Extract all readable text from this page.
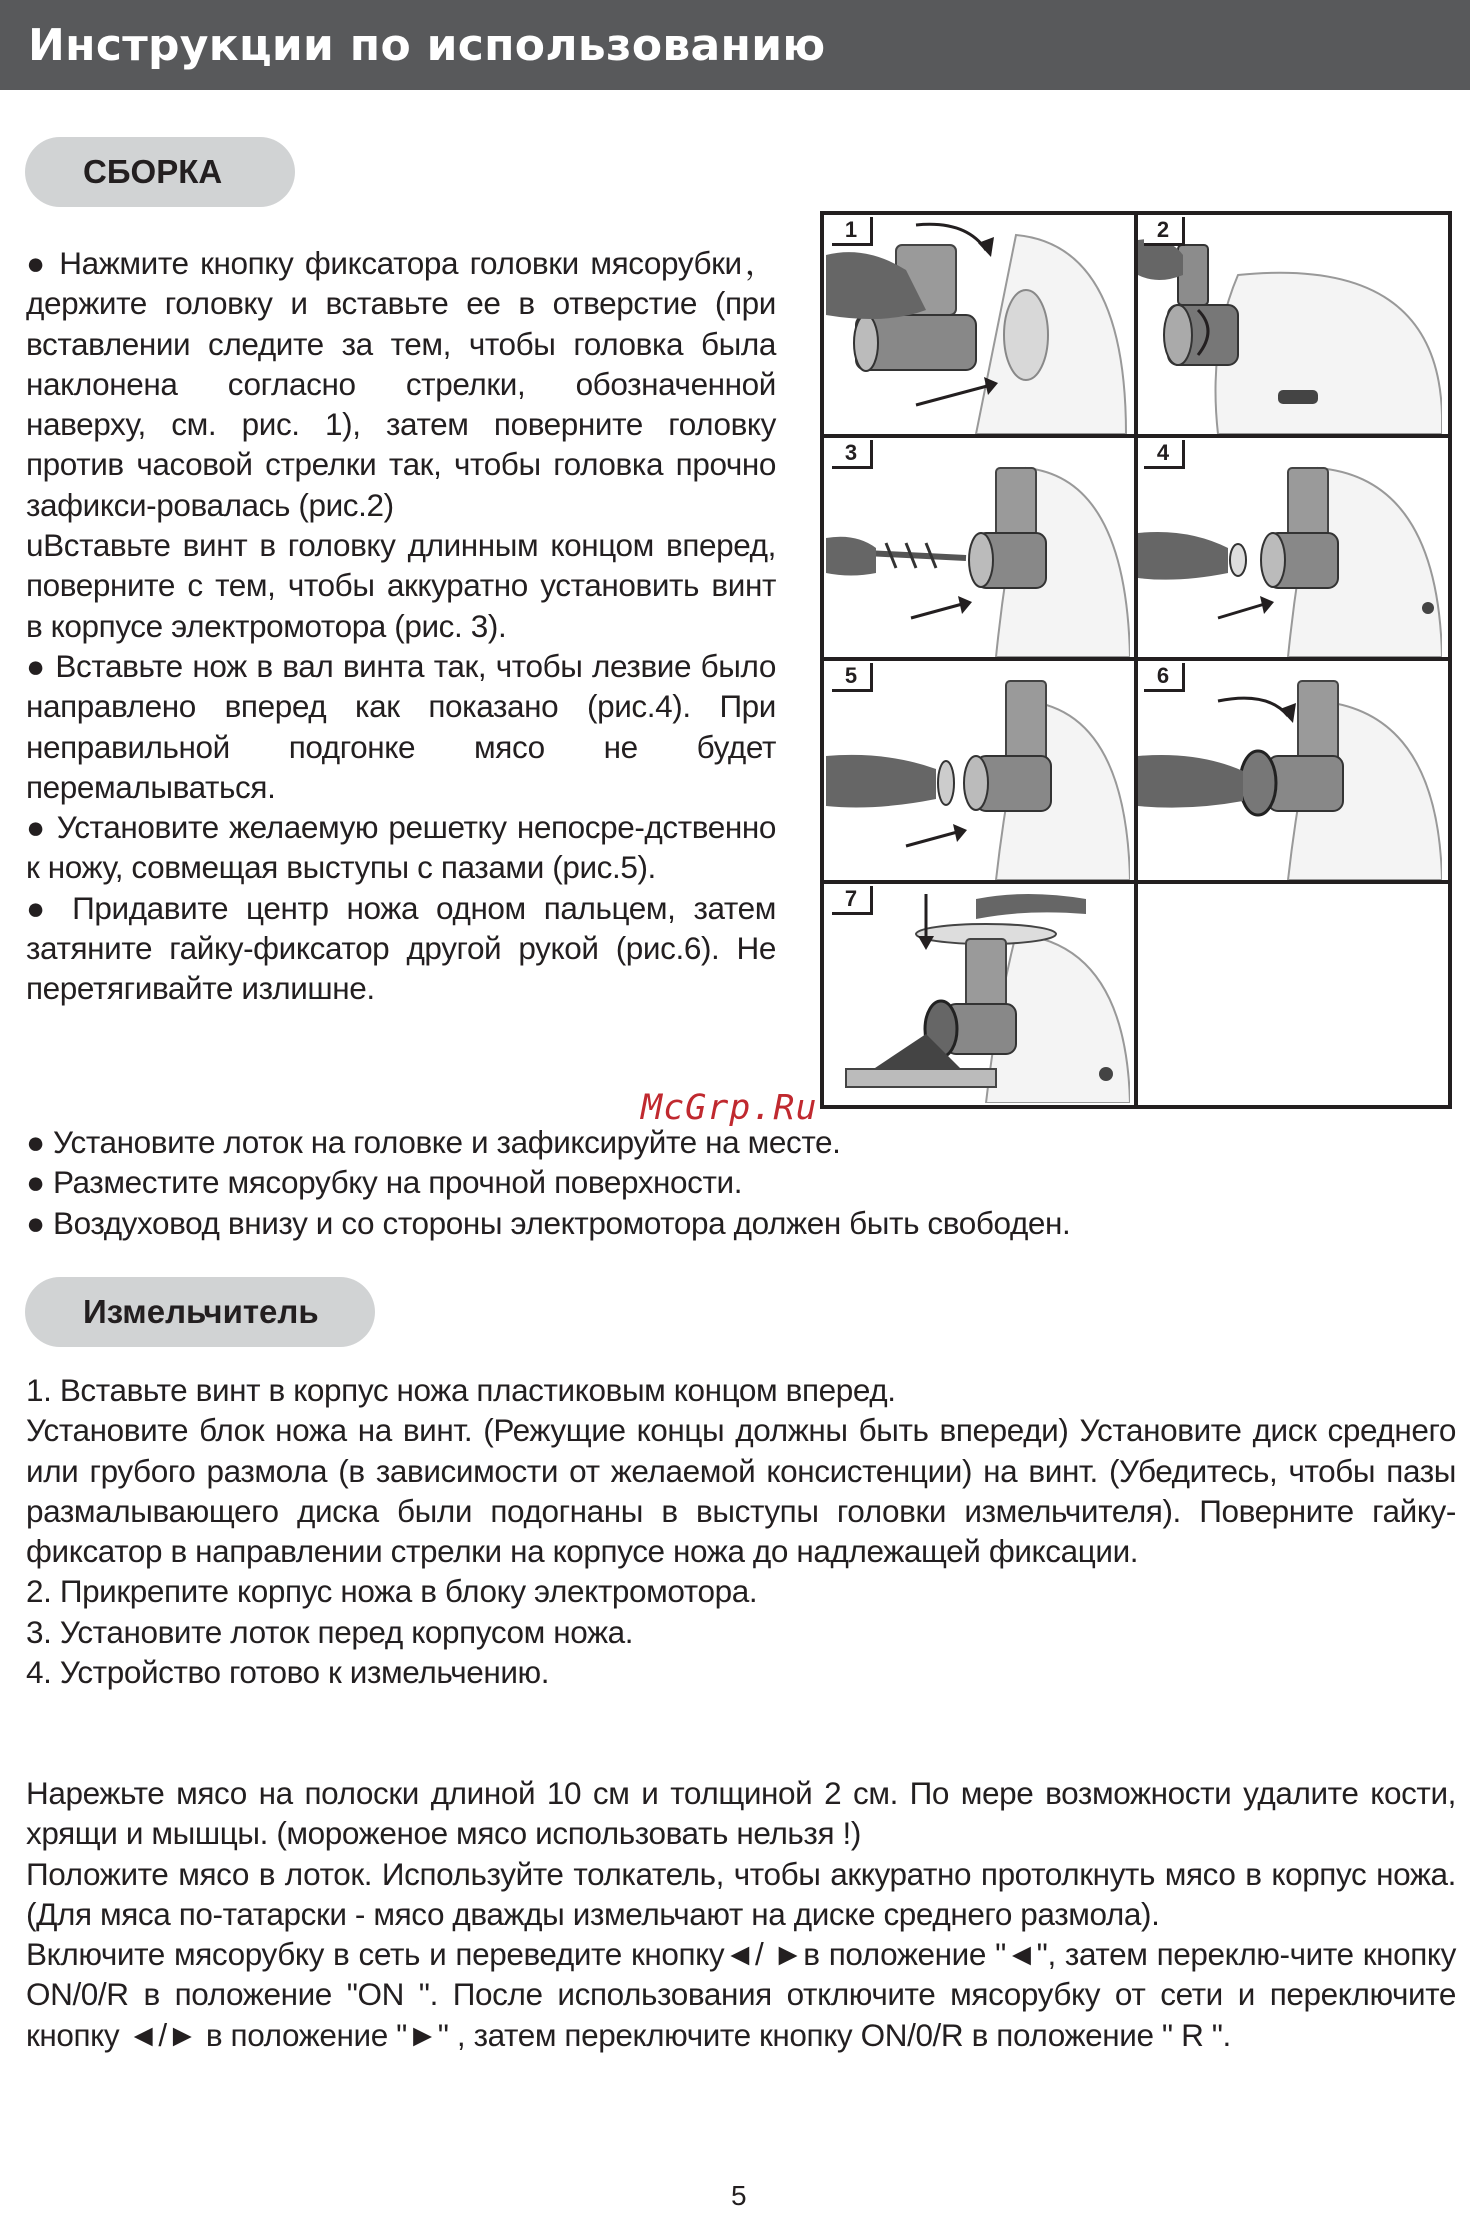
Инструкции по использованию
СБОРКА
● Нажмите кнопку фиксатора головки мясорубки，держите головку и вставьте ее в отверстие (при вставлении следите за тем, чтобы головка была наклонена согласно стрелки, обозначенной наверху, см. рис. 1), затем поверните головку против часовой стрелки так, чтобы головка прочно зафикси-ровалась (рис.2)
uВставьте винт в головку длинным концом вперед, поверните с тем, чтобы аккуратно установить винт в корпусе электромотора (рис. 3).
● Вставьте нож в вал винта так, чтобы лезвие было направлено вперед как показано (рис.4). При неправильной подгонке мясо не будет перемалываться.
● Установите желаемую решетку непосре-дственно к ножу, совмещая выступы с пазами (рис.5).
● Придавите центр ножа одном пальцем, затем затяните гайку-фиксатор другой рукой (рис.6). Не перетягивайте излишне.
● Установите лоток на головке и зафиксируйте на месте.
● Разместите мясорубку на прочной поверхности.
● Воздуховод внизу и со стороны электромотора должен быть свободен.
McGrp.Ru
1	2
3	4
5	6
7
Измельчитель
1. Вставьте винт в корпус ножа пластиковым концом вперед.
Установите блок ножа на винт. (Режущие концы должны быть впереди) Установите диск среднего или грубого размола (в зависимости от желаемой консистенции) на винт. (Убедитесь, чтобы пазы размалывающего диска были подогнаны в выступы головки измельчителя). Поверните гайку-фиксатор в направлении стрелки на корпусе ножа до надлежащей фиксации.
2. Прикрепите корпус ножа в блоку электромотора.
3. Установите лоток перед корпусом ножа.
4. Устройство готово к измельчению.
Нарежьте мясо на полоски длиной 10 см и толщиной 2 см. По мере возможности удалите кости, хрящи и мышцы. (мороженое мясо использовать нельзя !)
Положите мясо в лоток. Используйте толкатель, чтобы аккуратно протолкнуть мясо в корпус ножа. (Для мяса по-татарски - мясо дважды измельчают на диске среднего размола).
Включите мясорубку в сеть и переведите кнопку◄/ ►в положение "◄", затем переклю-чите кнопку ON/0/R в положение "ON ". После использования отключите мясорубку от сети и переключите кнопку ◄/► в положение "►" , затем переключите кнопку ON/0/R в положение " R ".
5
